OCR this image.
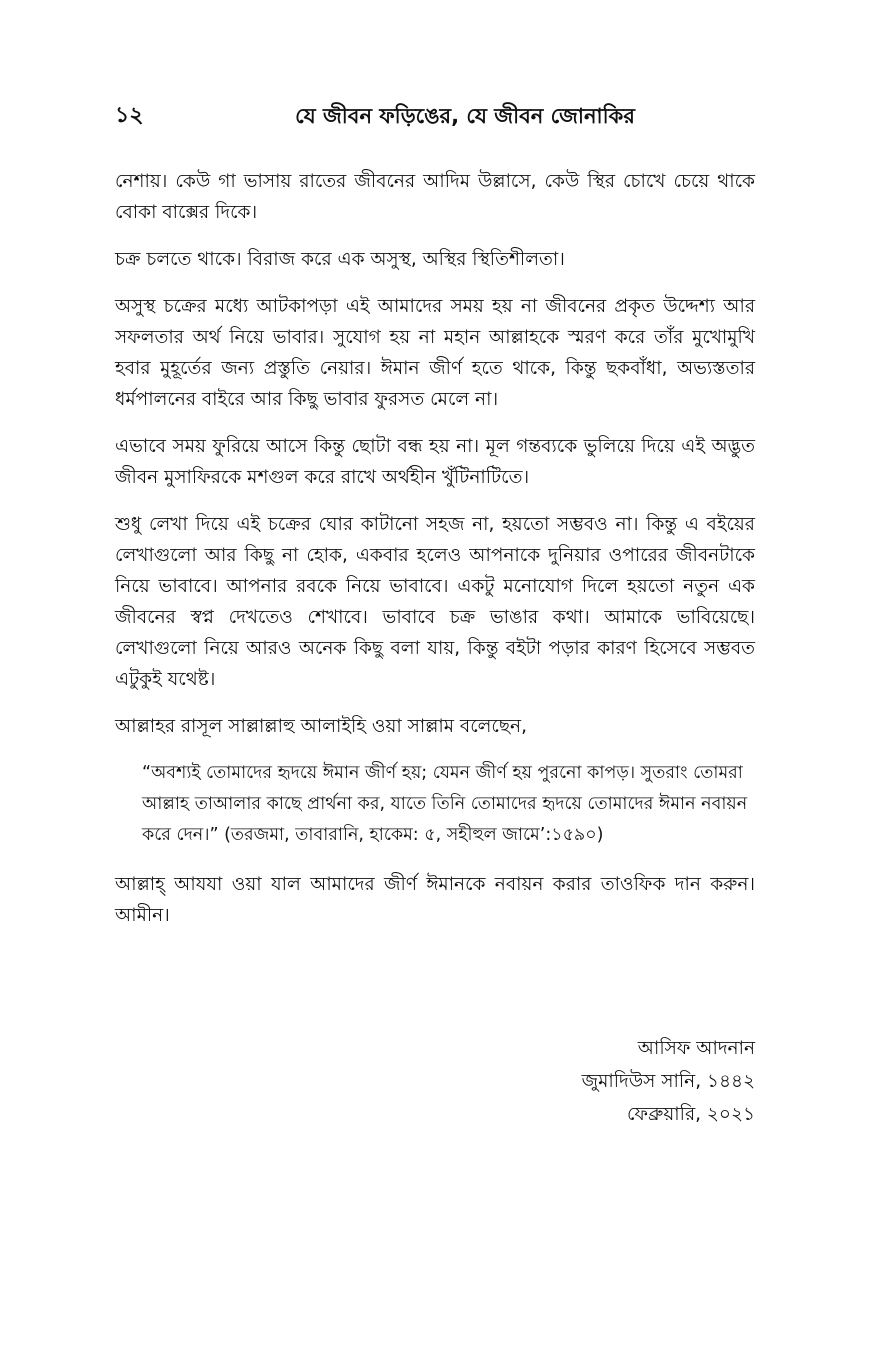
১২	যে জীবন ফড়িঙের, যে জীবন জোনাকির

নেশায়। কেউ গা ভাসায় রাতের জীবনের আদিম উল্লাসে, কেউ স্থির চোখে চেয়ে থাকে বোকা বাক্সের দিকে।

চক্র চলতে থাকে। বিরাজ করে এক অসুস্থ, অস্থির স্থিতিশীলতা।

অসুস্থ চক্রের মধ্যে আটকাপড়া এই আমাদের সময় হয় না জীবনের প্রকৃত উদ্দেশ্য আর সফলতার অর্থ নিয়ে ভাবার। সুযোগ হয় না মহান আল্লাহকে স্মরণ করে তাঁর মুখোমুখি হবার মুহূর্তের জন্য প্রস্তুতি নেয়ার। ঈমান জীর্ণ হতে থাকে, কিন্তু ছকবাঁধা, অভ্যস্ততার ধর্মপালনের বাইরে আর কিছু ভাবার ফুরসত মেলে না।

এভাবে সময় ফুরিয়ে আসে কিন্তু ছোটা বন্ধ হয় না। মূল গন্তব্যকে ভুলিয়ে দিয়ে এই অদ্ভুত জীবন মুসাফিরকে মশগুল করে রাখে অর্থহীন খুঁটিনাটিতে।

শুধু লেখা দিয়ে এই চক্রের ঘোর কাটানো সহজ না, হয়তো সম্ভবও না। কিন্তু এ বইয়ের লেখাগুলো আর কিছু না হোক, একবার হলেও আপনাকে দুনিয়ার ওপারের জীবনটাকে নিয়ে ভাবাবে। আপনার রবকে নিয়ে ভাবাবে। একটু মনোযোগ দিলে হয়তো নতুন এক জীবনের স্বপ্ন দেখতেও শেখাবে। ভাবাবে চক্র ভাঙার কথা। আমাকে ভাবিয়েছে। লেখাগুলো নিয়ে আরও অনেক কিছু বলা যায়, কিন্তু বইটা পড়ার কারণ হিসেবে সম্ভবত এটুকুই যথেষ্ট।

আল্লাহর রাসূল সাল্লাল্লাহু আলাইহি ওয়া সাল্লাম বলেছেন,

“অবশ্যই তোমাদের হৃদয়ে ঈমান জীর্ণ হয়; যেমন জীর্ণ হয় পুরনো কাপড়। সুতরাং তোমরা আল্লাহ তাআলার কাছে প্রার্থনা কর, যাতে তিনি তোমাদের হৃদয়ে তোমাদের ঈমান নবায়ন করে দেন।” (তরজমা, তাবারানি, হাকেম: ৫, সহীহুল জামে’:১৫৯০)

আল্লাহ্‌ আযযা ওয়া যাল আমাদের জীর্ণ ঈমানকে নবায়ন করার তাওফিক দান করুন। আমীন।

আসিফ আদনান
জুমাদিউস সানি, ১৪৪২
ফেব্রুয়ারি, ২০২১
